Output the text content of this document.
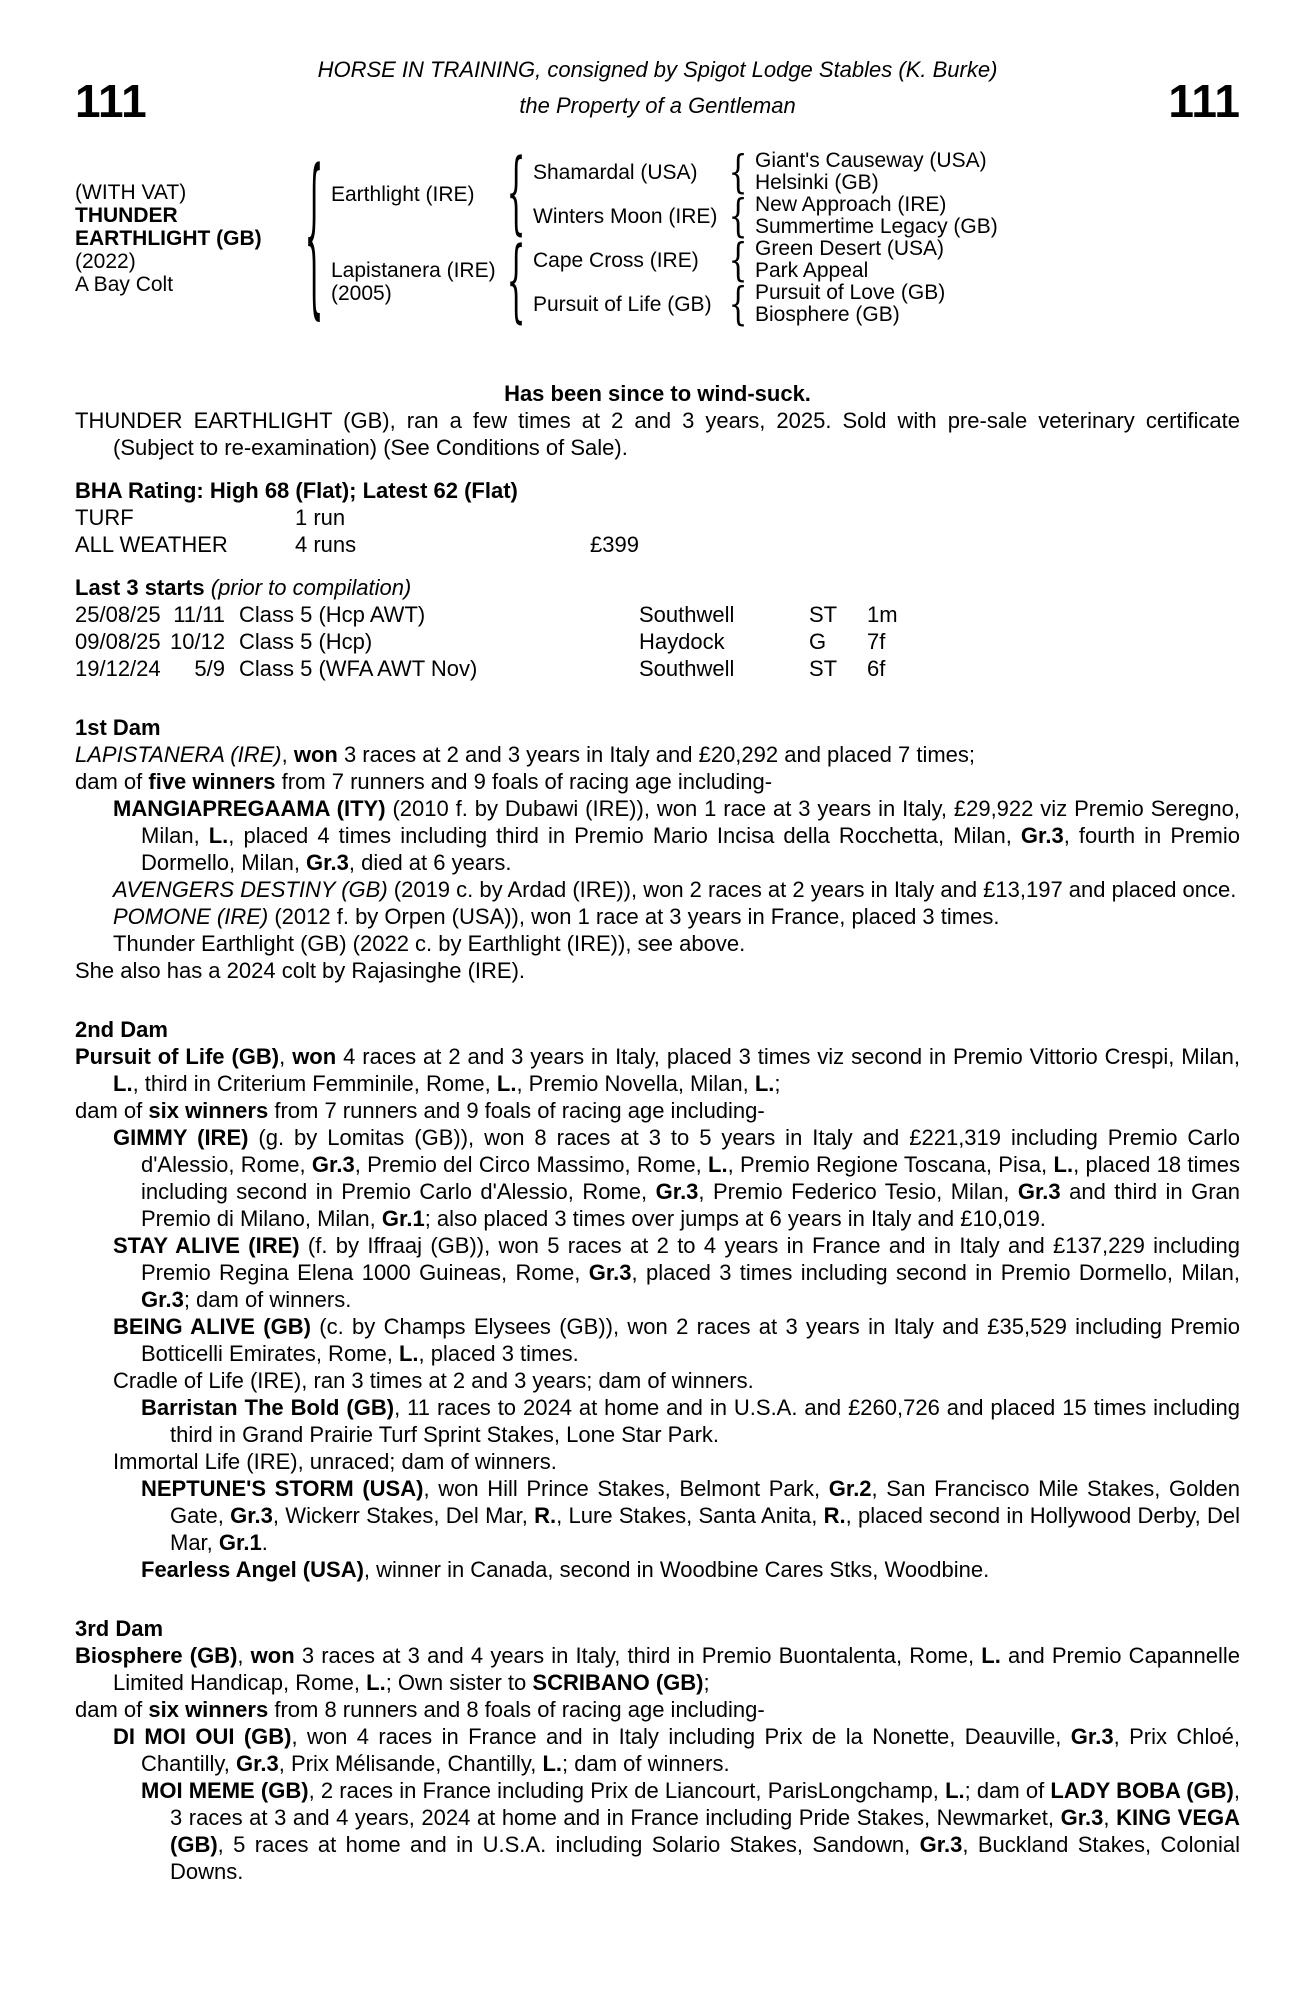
111	111
HORSE IN TRAINING, consigned by Spigot Lodge Stables (K. Burke)
the Property of a Gentleman
(WITH VAT)
THUNDER
EARTHLIGHT (GB)
(2022)
A Bay Colt	{ Earthlight (IRE)	{ Shamardal (USA)	{ Giant's Causeway (USA)
Helsinki (GB)
Winters Moon (IRE) { New Approach (IRE)
Summertime Legacy (GB)
Lapistanera (IRE)
(2005)	{ Cape Cross (IRE) { Green Desert (USA)
Park Appeal
Pursuit of Life (GB) { Pursuit of Love (GB)
Biosphere (GB)
Has been since to wind-suck.

THUNDER EARTHLIGHT (GB), ran a few times at 2 and 3 years, 2025. Sold with pre-sale veterinary certificate (Subject to re-examination) (See Conditions of Sale).

BHA Rating: High 68 (Flat); Latest 62 (Flat)
TURF	1 run
ALL WEATHER	4 runs	£399
Last 3 starts (prior to compilation)
25/08/25 11/11 Class 5 (Hcp AWT)	Southwell	ST	1m
09/08/25 10/12 Class 5 (Hcp)	Haydock	G	7f
19/12/24	5/9 Class 5 (WFA AWT Nov)	Southwell	ST	6f
1st Dam

LAPISTANERA (IRE), won 3 races at 2 and 3 years in Italy and £20,292 and placed 7 times;

dam of five winners from 7 runners and 9 foals of racing age including-

MANGIAPREGAAMA (ITY) (2010 f. by Dubawi (IRE)), won 1 race at 3 years in Italy, £29,922 viz Premio Seregno, Milan, L., placed 4 times including third in Premio Mario Incisa della Rocchetta, Milan, Gr.3, fourth in Premio Dormello, Milan, Gr.3, died at 6 years.

AVENGERS DESTINY (GB) (2019 c. by Ardad (IRE)), won 2 races at 2 years in Italy and £13,197 and placed once.

POMONE (IRE) (2012 f. by Orpen (USA)), won 1 race at 3 years in France, placed 3 times.

Thunder Earthlight (GB) (2022 c. by Earthlight (IRE)), see above.

She also has a 2024 colt by Rajasinghe (IRE).

2nd Dam

Pursuit of Life (GB), won 4 races at 2 and 3 years in Italy, placed 3 times viz second in Premio Vittorio Crespi, Milan, L., third in Criterium Femminile, Rome, L., Premio Novella, Milan, L.;

dam of six winners from 7 runners and 9 foals of racing age including-

GIMMY (IRE) (g. by Lomitas (GB)), won 8 races at 3 to 5 years in Italy and £221,319 including Premio Carlo d'Alessio, Rome, Gr.3, Premio del Circo Massimo, Rome, L., Premio Regione Toscana, Pisa, L., placed 18 times including second in Premio Carlo d'Alessio, Rome, Gr.3, Premio Federico Tesio, Milan, Gr.3 and third in Gran Premio di Milano, Milan, Gr.1; also placed 3 times over jumps at 6 years in Italy and £10,019.

STAY ALIVE (IRE) (f. by Iffraaj (GB)), won 5 races at 2 to 4 years in France and in Italy and £137,229 including Premio Regina Elena 1000 Guineas, Rome, Gr.3, placed 3 times including second in Premio Dormello, Milan, Gr.3; dam of winners.

BEING ALIVE (GB) (c. by Champs Elysees (GB)), won 2 races at 3 years in Italy and £35,529 including Premio Botticelli Emirates, Rome, L., placed 3 times.

Cradle of Life (IRE), ran 3 times at 2 and 3 years; dam of winners.

Barristan The Bold (GB), 11 races to 2024 at home and in U.S.A. and £260,726 and placed 15 times including third in Grand Prairie Turf Sprint Stakes, Lone Star Park.

Immortal Life (IRE), unraced; dam of winners.

NEPTUNE'S STORM (USA), won Hill Prince Stakes, Belmont Park, Gr.2, San Francisco Mile Stakes, Golden Gate, Gr.3, Wickerr Stakes, Del Mar, R., Lure Stakes, Santa Anita, R., placed second in Hollywood Derby, Del Mar, Gr.1.

Fearless Angel (USA), winner in Canada, second in Woodbine Cares Stks, Woodbine.

3rd Dam

Biosphere (GB), won 3 races at 3 and 4 years in Italy, third in Premio Buontalenta, Rome, L. and Premio Capannelle Limited Handicap, Rome, L.; Own sister to SCRIBANO (GB);

dam of six winners from 8 runners and 8 foals of racing age including-

DI MOI OUI (GB), won 4 races in France and in Italy including Prix de la Nonette, Deauville, Gr.3, Prix Chloé, Chantilly, Gr.3, Prix Mélisande, Chantilly, L.; dam of winners.

MOI MEME (GB), 2 races in France including Prix de Liancourt, ParisLongchamp, L.; dam of LADY BOBA (GB), 3 races at 3 and 4 years, 2024 at home and in France including Pride Stakes, Newmarket, Gr.3, KING VEGA (GB), 5 races at home and in U.S.A. including Solario Stakes, Sandown, Gr.3, Buckland Stakes, Colonial Downs.
